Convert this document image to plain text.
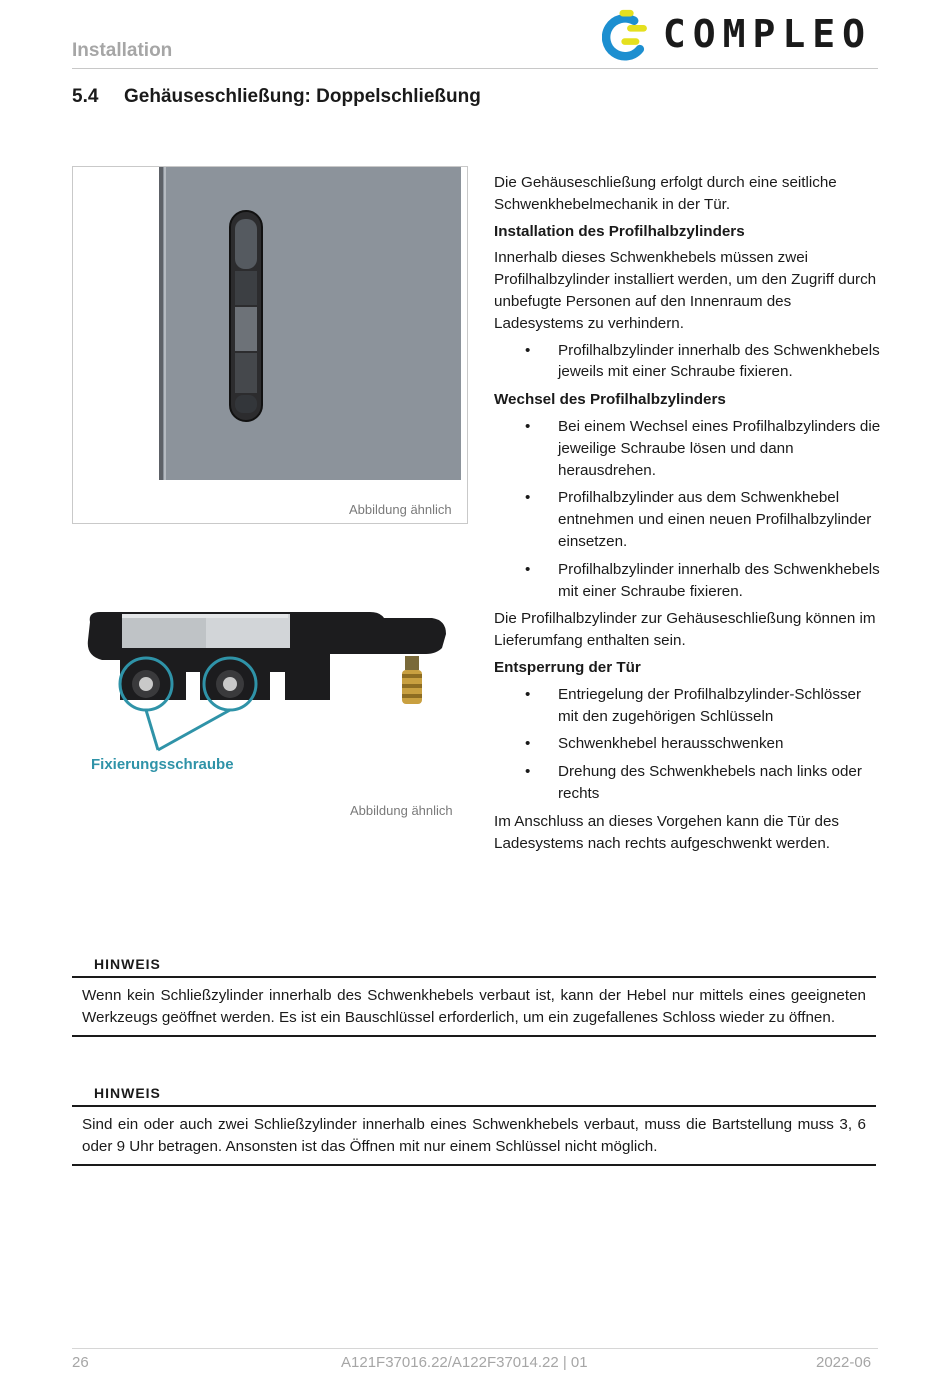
Installation	COMPLEO
5.4 Gehäuseschließung: Doppelschließung
Abbildung ähnlich
Fixierungsschraube
Abbildung ähnlich

Die Gehäuseschließung erfolgt durch eine seitliche Schwenkhebelmechanik in der Tür.

Installation des Profilhalbzylinders

Innerhalb dieses Schwenkhebels müssen zwei Profilhalbzylinder installiert werden, um den Zugriff durch unbefugte Personen auf den Innenraum des Ladesystems zu verhindern.

• Profilhalbzylinder innerhalb des Schwenkhebels jeweils mit einer Schraube fixieren.

Wechsel des Profilhalbzylinders

• Bei einem Wechsel eines Profilhalbzylinders die jeweilige Schraube lösen und dann herausdrehen.
• Profilhalbzylinder aus dem Schwenkhebel entnehmen und einen neuen Profilhalbzylinder einsetzen.
• Profilhalbzylinder innerhalb des Schwenkhebels mit einer Schraube fixieren.

Die Profilhalbzylinder zur Gehäuseschließung können im Lieferumfang enthalten sein.

Entsperrung der Tür

• Entriegelung der Profilhalbzylinder-Schlösser mit den zugehörigen Schlüsseln
• Schwenkhebel herausschwenken
• Drehung des Schwenkhebels nach links oder rechts

Im Anschluss an dieses Vorgehen kann die Tür des Ladesystems nach rechts aufgeschwenkt werden.

HINWEIS
Wenn kein Schließzylinder innerhalb des Schwenkhebels verbaut ist, kann der Hebel nur mittels eines geeigneten Werkzeugs geöffnet werden. Es ist ein Bauschlüssel erforderlich, um ein zugefallenes Schloss wieder zu öffnen.
HINWEIS
Sind ein oder auch zwei Schließzylinder innerhalb eines Schwenkhebels verbaut, muss die Bartstellung muss 3, 6 oder 9 Uhr betragen. Ansonsten ist das Öffnen mit nur einem Schlüssel nicht möglich.
26	A121F37016.22/A122F37014.22 | 01	2022-06
